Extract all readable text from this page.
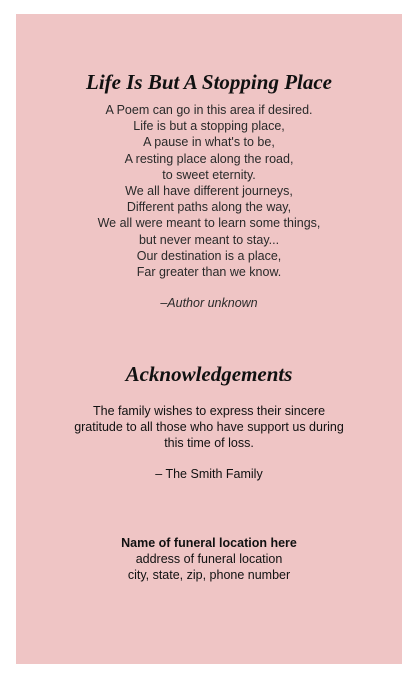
Life Is But A Stopping Place
A Poem can go in this area if desired.
Life is but a stopping place,
A pause in what's to be,
A resting place along the road,
to sweet eternity.
We all have different journeys,
Different paths along the way,
We all were meant to learn some things,
but never meant to stay...
Our destination is a place,
Far greater than we know.
–Author unknown
Acknowledgements
The family wishes to express their sincere
gratitude to all those who have support us during
this time of loss.
– The Smith Family
Name of funeral location here
address of funeral location
city, state, zip, phone number
